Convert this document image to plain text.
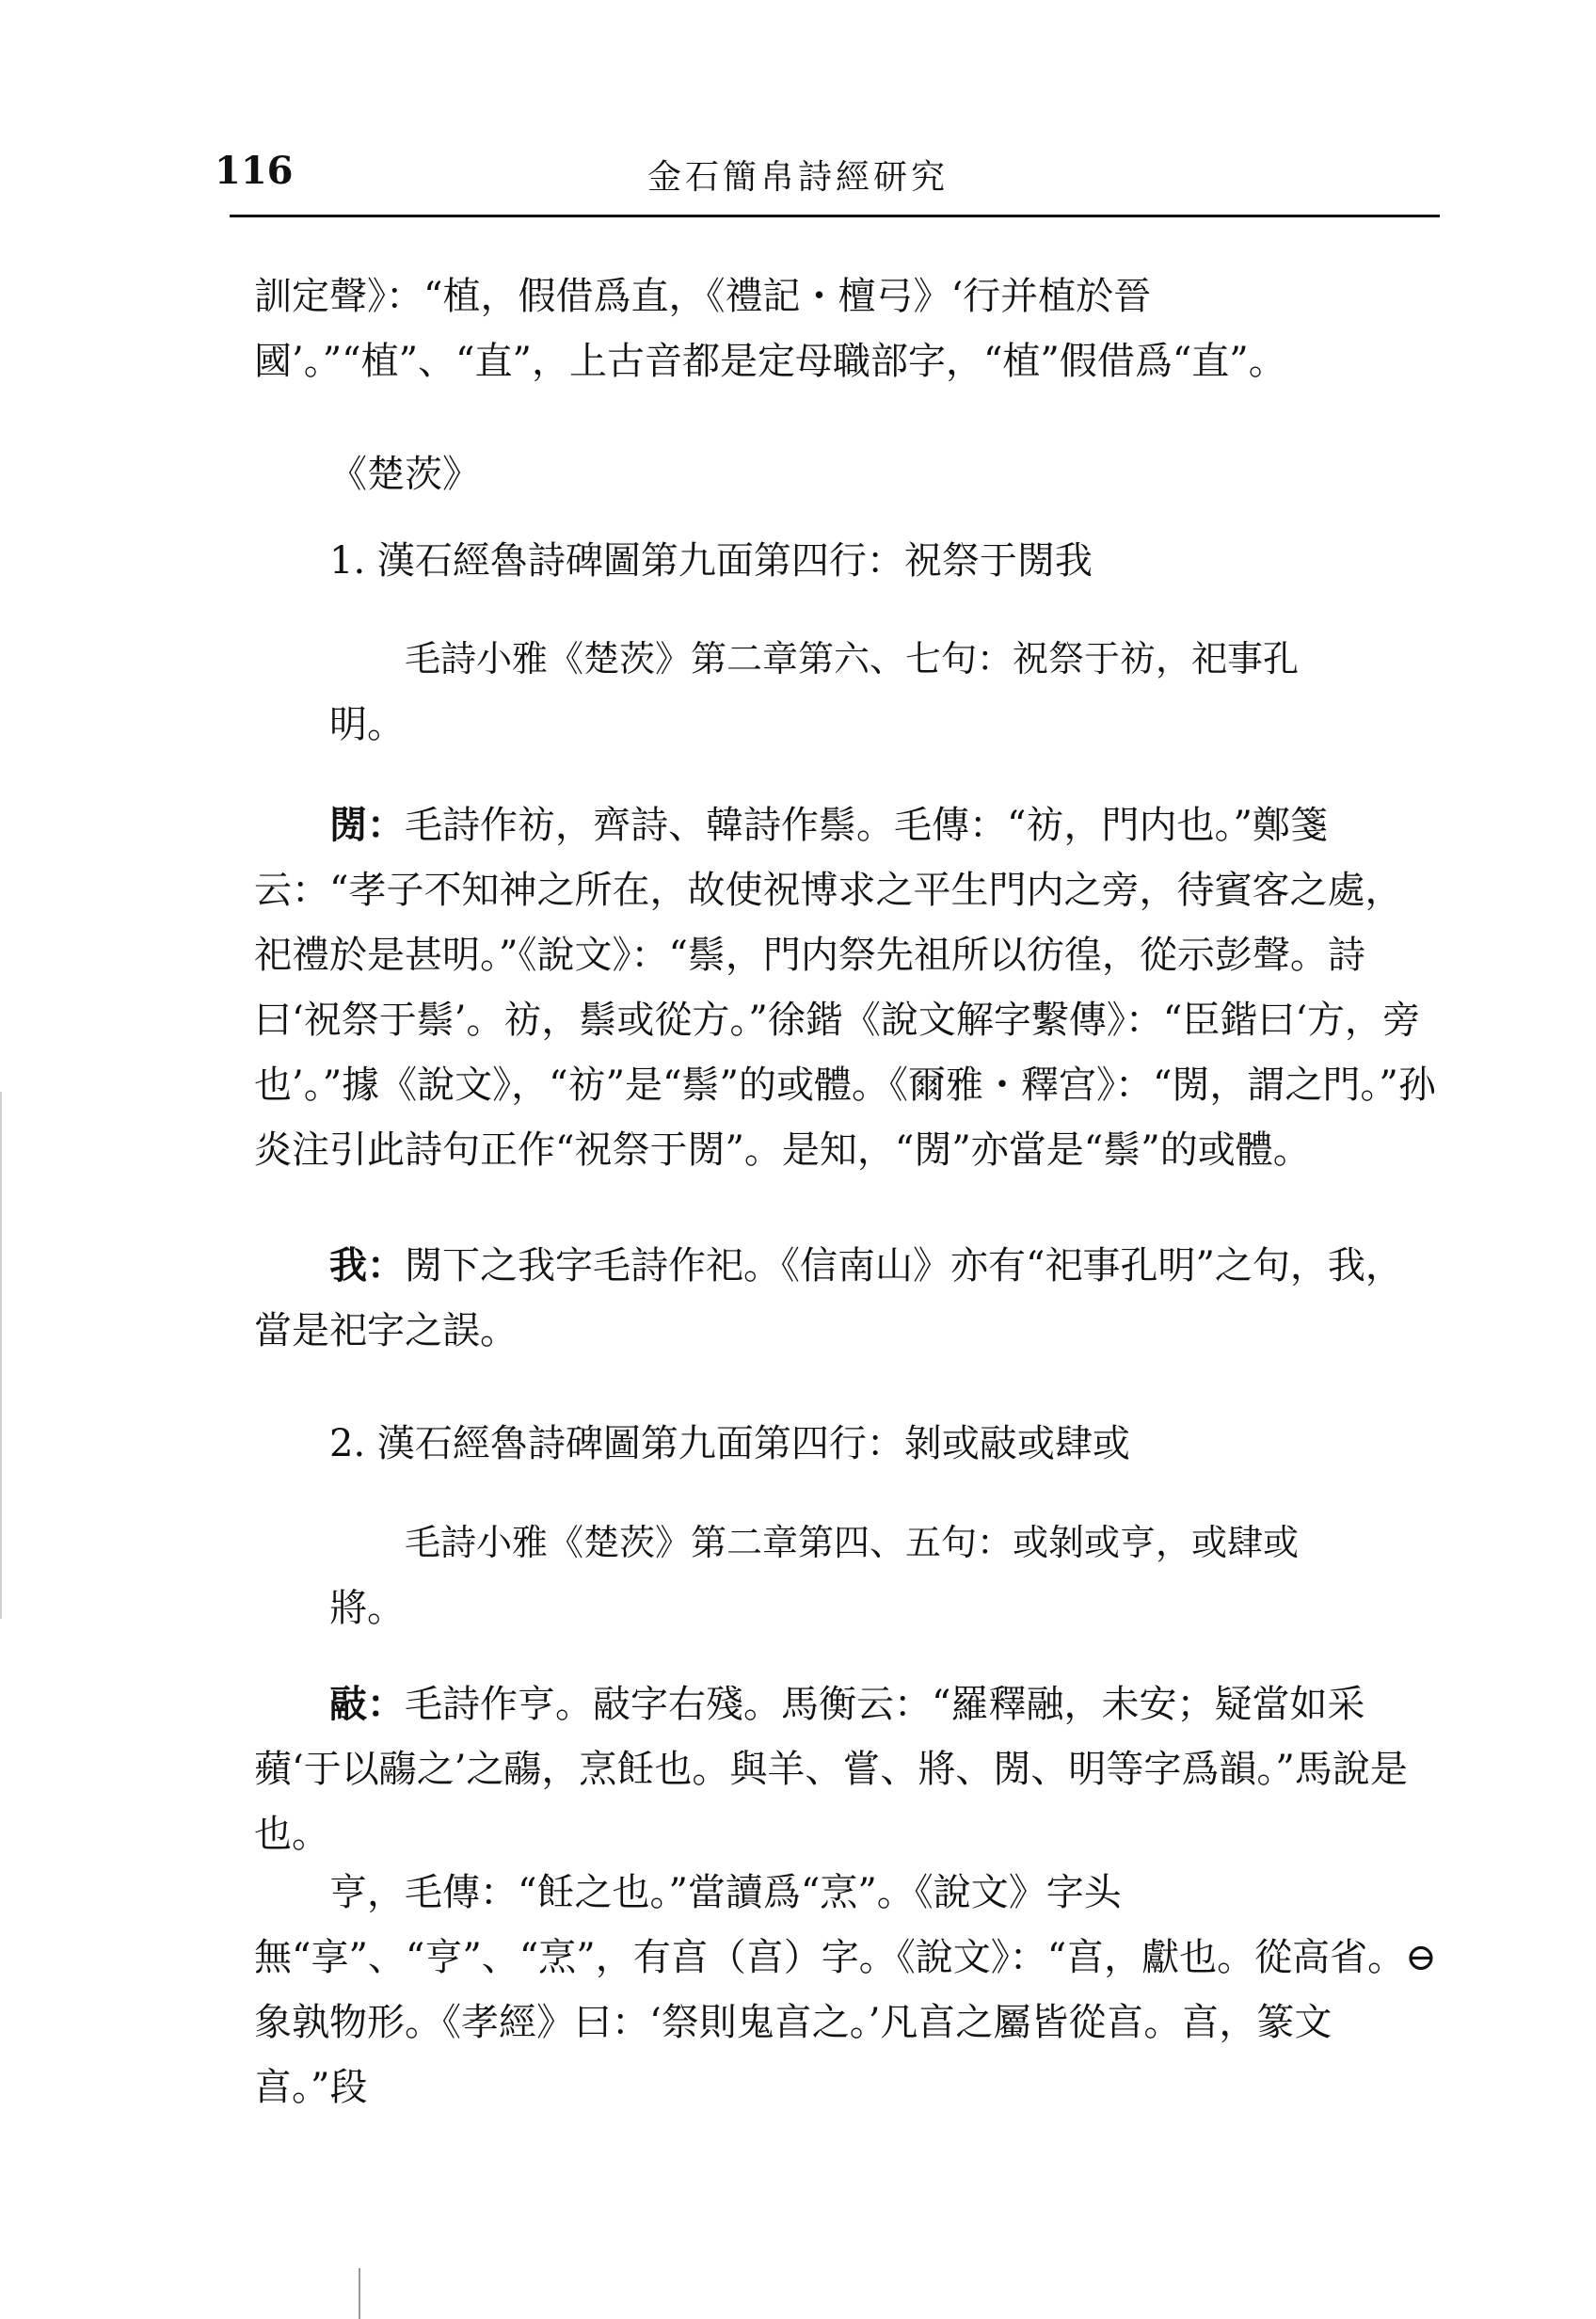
116	金石簡帛詩經研究

訓定聲》：“植，假借爲直，《禮記・檀弓》‘行并植於晉國’。”“植”、“直”，上古音都是定母職部字，“植”假借爲“直”。

《楚茨》

1. 漢石經魯詩碑圖第九面第四行：祝祭于閍我

毛詩小雅《楚茨》第二章第六、七句：祝祭于祊，祀事孔

明。

閍：毛詩作祊，齊詩、韓詩作鬃。毛傳：“祊，門内也。”鄭箋云：“孝子不知神之所在，故使祝博求之平生門内之旁，待賓客之處，祀禮於是甚明。”《說文》：“鬃，門内祭先祖所以彷徨，從示彭聲。詩曰‘祝祭于鬃’。祊，鬃或從方。”徐鍇《說文解字繫傳》：“臣鍇曰‘方，旁也’。”據《說文》，“祊”是“鬃”的或體。《爾雅・釋宫》：“閍，謂之門。”孙炎注引此詩句正作“祝祭于閍”。是知，“閍”亦當是“鬃”的或體。

我：閍下之我字毛詩作祀。《信南山》亦有“祀事孔明”之句，我，當是祀字之誤。

2. 漢石經魯詩碑圖第九面第四行：剝或䰙或肆或

毛詩小雅《楚茨》第二章第四、五句：或剝或亨，或肆或

將。

䰙：毛詩作亨。䰙字右殘。馬衡云：“羅釋融，未安；疑當如采蘋‘于以鬺之’之鬺，烹飪也。與羊、嘗、將、閍、明等字爲韻。”馬說是也。

亨，毛傳：“飪之也。”當讀爲“烹”。《說文》字头無“享”、“亨”、“烹”，有亯（亯）字。《說文》：“亯，獻也。從高省。⊖象孰物形。《孝經》曰：‘祭則鬼亯之。’凡亯之屬皆從亯。亯，篆文亯。”段
